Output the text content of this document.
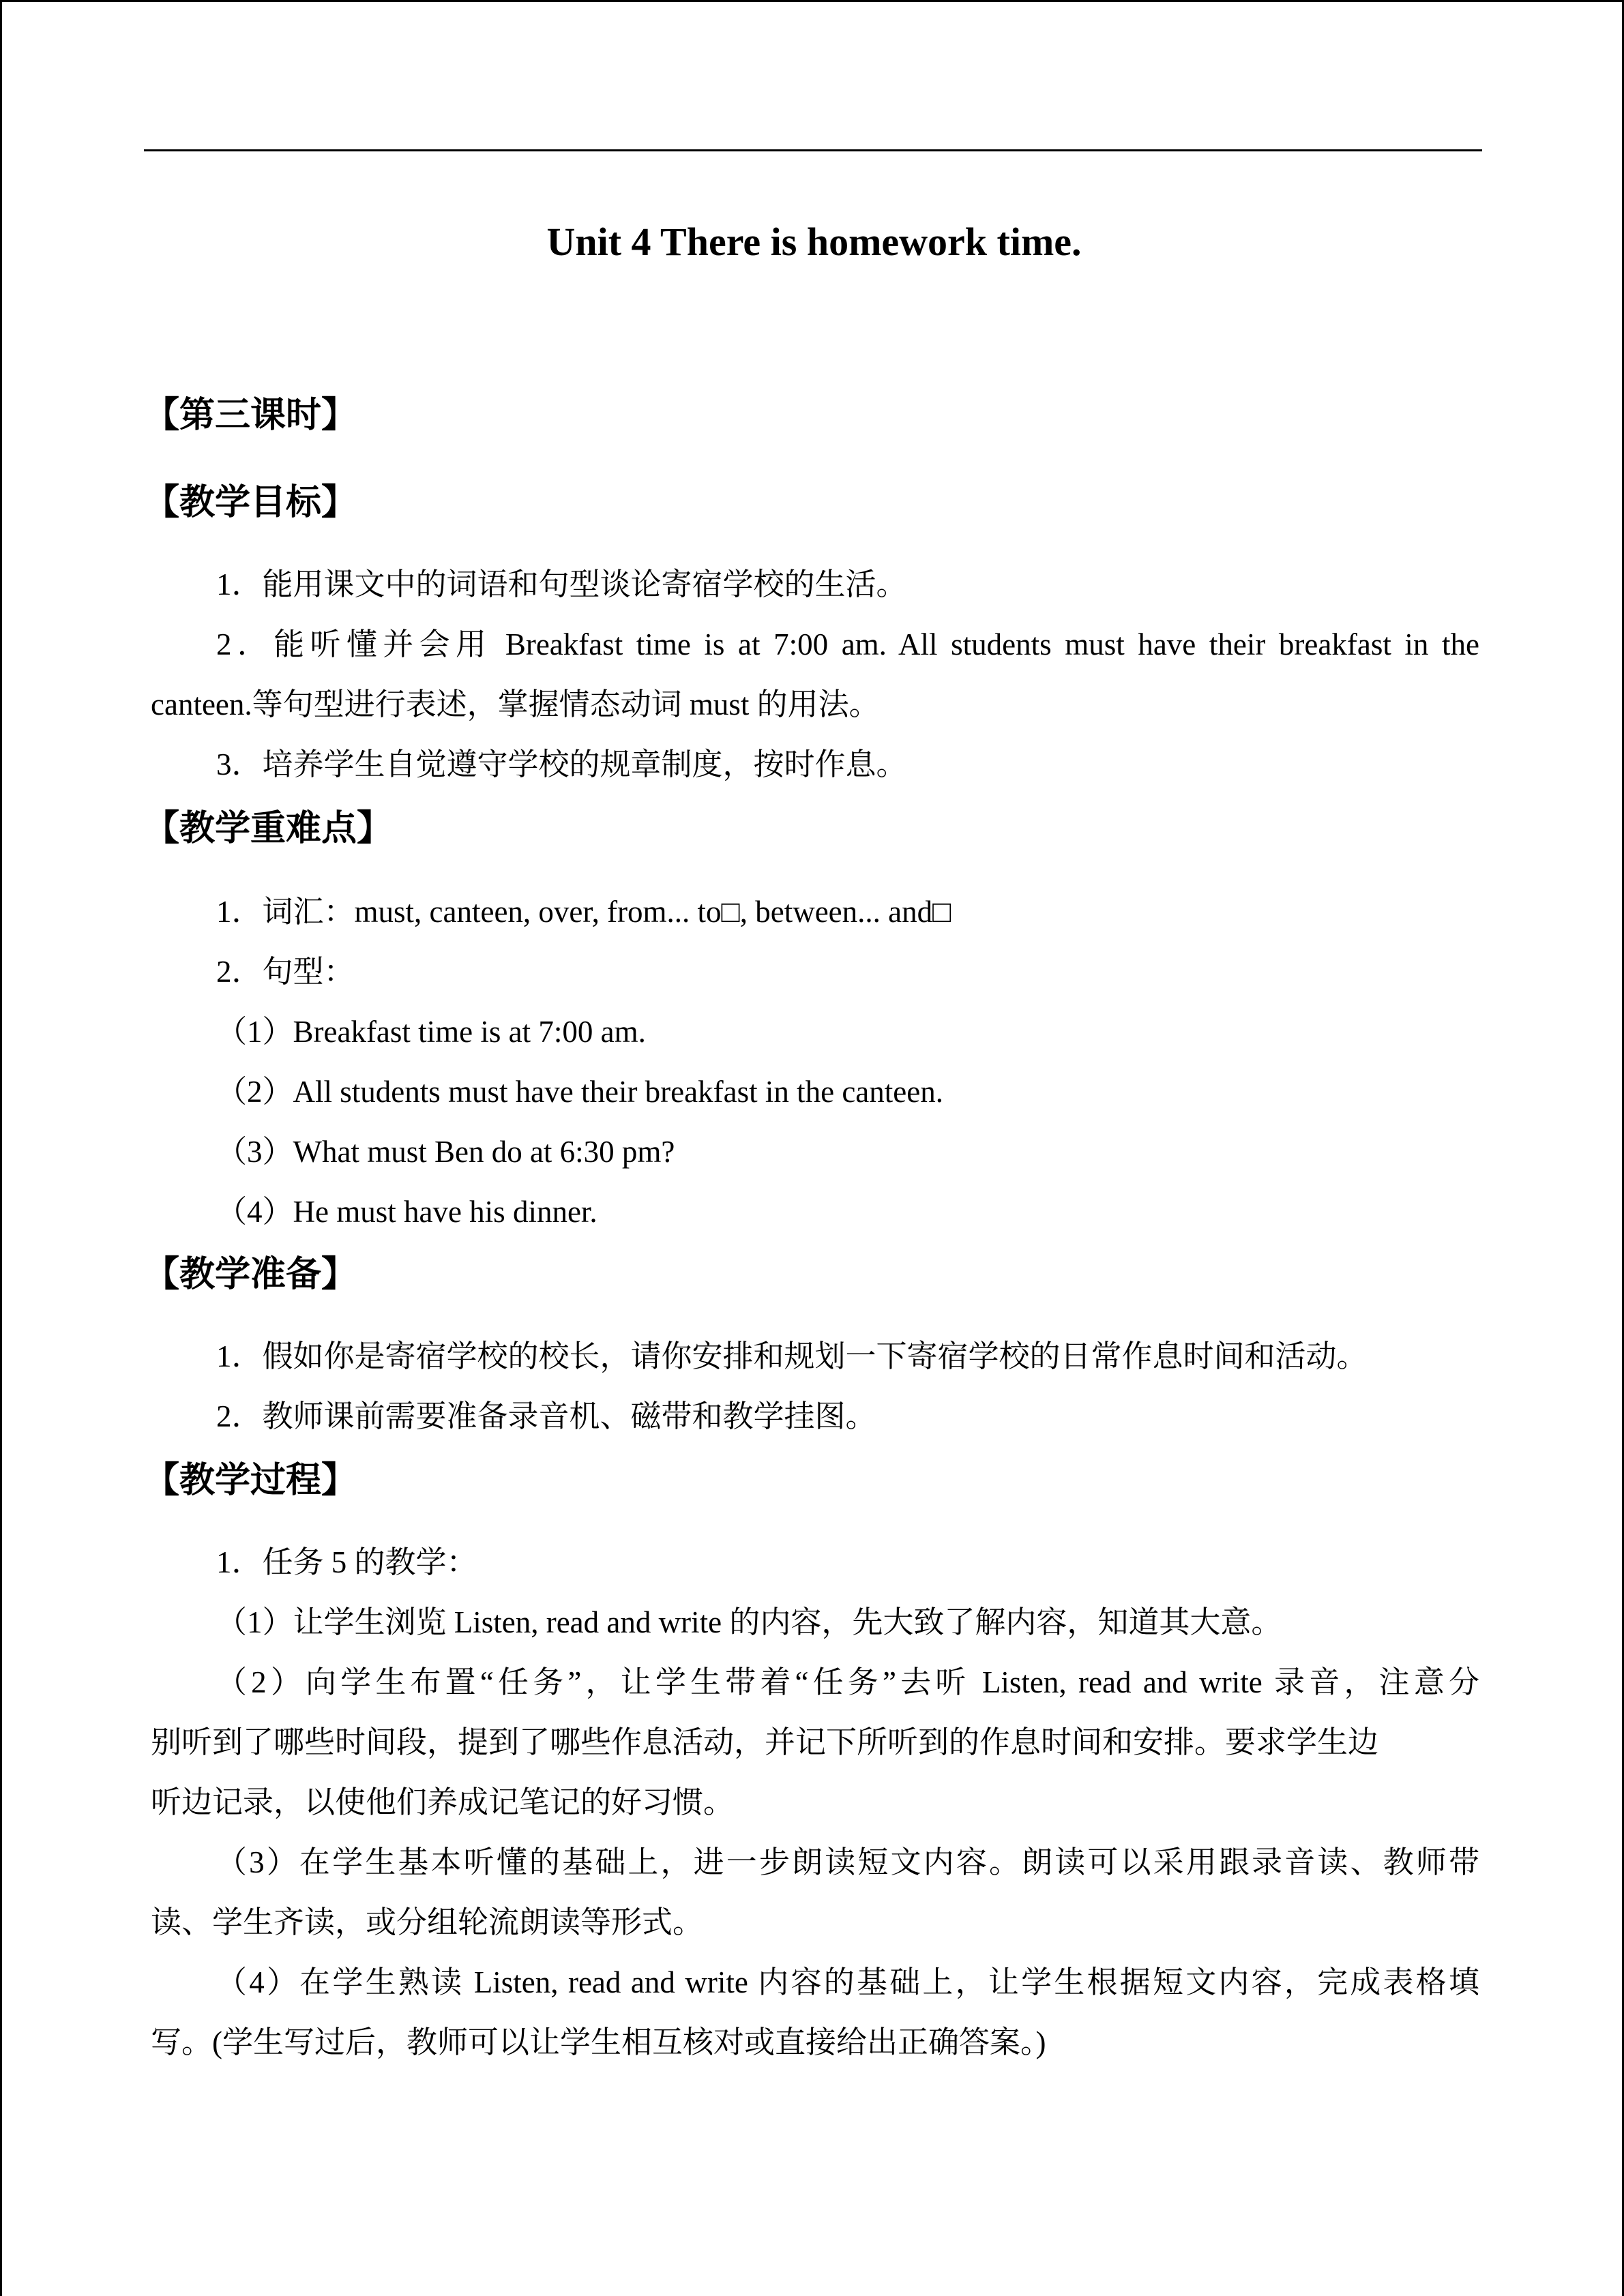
Unit 4 There is homework time.
【第三课时】
【教学目标】

1．能用课文中的词语和句型谈论寄宿学校的生活。

2．能听懂并会用 Breakfast time is at 7:00 am. All students must have their breakfast in the

canteen.等句型进行表述，掌握情态动词 must 的用法。

3．培养学生自觉遵守学校的规章制度，按时作息。

【教学重难点】

1．词汇：must, canteen, over, from... to□, between... and□

2．句型：

（1）Breakfast time is at 7:00 am.

（2）All students must have their breakfast in the canteen.

（3）What must Ben do at 6:30 pm?

（4）He must have his dinner.

【教学准备】

1．假如你是寄宿学校的校长，请你安排和规划一下寄宿学校的日常作息时间和活动。

2．教师课前需要准备录音机、磁带和教学挂图。

【教学过程】

1．任务 5 的教学：

（1）让学生浏览 Listen, read and write 的内容，先大致了解内容，知道其大意。

（2）向学生布置“任务”，让学生带着“任务”去听 Listen, read and write 录音，注意分

别听到了哪些时间段，提到了哪些作息活动，并记下所听到的作息时间和安排。要求学生边

听边记录，以使他们养成记笔记的好习惯。

（3）在学生基本听懂的基础上，进一步朗读短文内容。朗读可以采用跟录音读、教师带

读、学生齐读，或分组轮流朗读等形式。

（4）在学生熟读 Listen, read and write 内容的基础上，让学生根据短文内容，完成表格填

写。(学生写过后，教师可以让学生相互核对或直接给出正确答案。)
